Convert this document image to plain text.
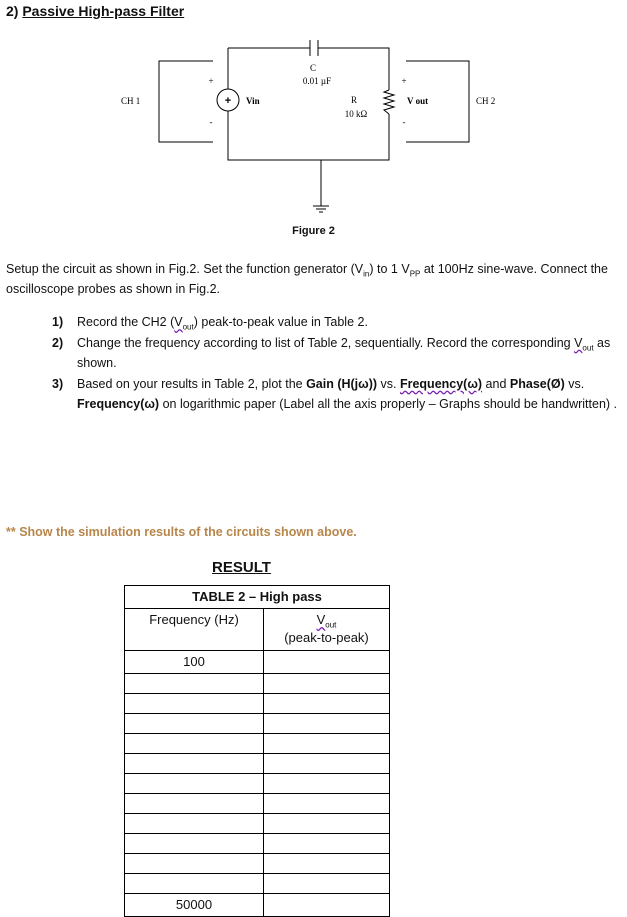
2) Passive High-pass Filter
+
CH 1	CH 2
Vin	V out
C
0.01 µF
R
10 kΩ
+
-
+
-
Figure 2
Setup the circuit as shown in Fig.2. Set the function generator $(V_{in})$ to 1 $V_{PP}$ at 100Hz sine-wave. Connect the oscilloscope probes as shown in Fig.2.
1) Record the CH2 $(V_{out})$ peak-to-peak value in Table 2.
2) Change the frequency according to list of Table 2, sequentially. Record the corresponding $V_{out}$ as shown.
3) Based on your results in Table 2, plot the Gain (H(jω)) vs. Frequency(ω) and Phase(Ø) vs. Frequency(ω) on logarithmic paper (Label all the axis properly – Graphs should be handwritten) .
** Show the simulation results of the circuits shown above.
RESULT
TABLE 2 – High pass	
Frequency (Hz)	$V_{out}$
(peak-to-peak)
100	

50000	
